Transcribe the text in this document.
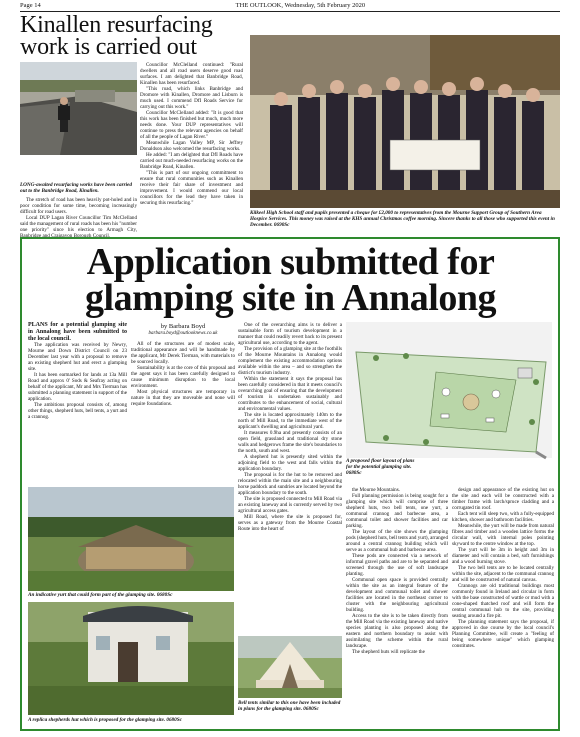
Page 14	THE OUTLOOK, Wednesday, 5th February 2020
Kinallen resurfacing work is carried out
LONG-awaited resurfacing works have been carried out to the Banbridge Road, Kinallen.

The stretch of road has been heavily pot-holed and in poor condition for some time, becoming increasingly difficult for road users.

Local DUP Lagan River Councillor Tim McClelland said the management of rural roads has been his "number one priority" since his election to Armagh City, Banbridge and Craigavon Borough Council.

Councillor McClelland continued: "Rural dwellers and all road users deserve good road surfaces. I am delighted that Banbridge Road, Kinallen has been resurfaced.

"This road, which links Banbridge and Dromore with Kinallen, Dromore and Lisburn is much used. I commend DfI Roads Service for carrying out this work."

Councillor McClelland added: "It is good that this work has been finished but much, much more needs done. Your DUP representatives will continue to press the relevant agencies on behalf of all the people of Lagan River."

Meanwhile Lagan Valley MP, Sir Jeffrey Donaldson also welcomed the resurfacing works.

He added: "I am delighted that DfI Roads have carried out much-needed resurfacing works on the Banbridge Road, Kinallen.

"This is part of our ongoing commitment to ensure that rural communities such as Kinallen receive their fair share of investment and improvement. I would commend our local councillors for the lead they have taken in securing this resurfacing."

Kilkeel High School staff and pupils presented a cheque for £2,000 to representatives from the Mourne Support Group of Southern Area Hospice Services. This money was raised at the KHS annual Christmas coffee morning. Sincere thanks to all those who supported this event in December. 0690Sc
Application submitted for glamping site in Annalong

PLANS for a potential glamping site in Annalong have been submitted to the local council.

The application was received by Newry, Mourne and Down District Council on 23 December last year with a proposal to remove an existing shepherd hut and erect a glamping site.

It has been earmarked for lands at 13a Mill Road and approx 0' Sods & Seafray acting on behalf of the applicant, Mr and Mrs Tierman has submitted a planning statement in support of the application.

The ambitious proposal consists of, among other things, shepherd huts, bell tents, a yurt and a crannog.

by Barbara Boyd
barbara.boyd@outlooknews.co.uk

All of the structures are of modest scale, traditional appearance and will be handmade by the applicant, Mr Derek Tierman, with materials to be sourced locally.

Sustainability is at the core of this proposal and the agent says it has been carefully designed to cause minimum disruption to the local environment.

Most physical structures are temporary in nature in that they are moveable and none will require foundations.

An indicative yurt that could form part of the glamping site. 0680Sc
A replica shepherds hut which is proposed for the glamping site. 0680Sc

One of the overarching aims is to deliver a sustainable form of tourism development in a manner that could readily revert back to its present agricultural use, according to the agent.

The provision of a glamping site at the foothills of the Mourne Mountains in Annalong would complement the existing accommodation options available within the area – and so strengthen the district's tourism industry.

Within the statement it says the proposal has been carefully considered in that it meets council's overarching goal of ensuring that the development of tourism is undertaken sustainably and contributes to the enhancement of social, cultural and environmental values.

The site is located approximately 140m to the north of Mill Road, to the immediate west of the applicant's dwelling and agricultural yard.

It measures 0.9ha and presently consists of an open field, grassland and traditional dry stone walls and hedgerows frame the site's boundaries to the north, south and west.

A shepherd hut is presently sited within the adjoining field to the west and falls within the application boundary.

The proposal is for the hut to be removed and relocated within the main site and a neighbouring horse paddock and sundries are located beyond the application boundary to the south.

The site is proposed connected to Mill Road via an existing laneway and is currently served by two agricultural access gates.

Mill Road, where the site is proposed for, serves as a gateway from the Mourne Coastal Route into the heart of

Bell tents similar to this one have been included in plans for the glamping site. 0680Sc
A proposed floor layout of plans for the potential glamping site. 0680Sc

the Mourne Mountains.

Full planning permission is being sought for a glamping site which will comprise of three shepherd huts, two bell tents, one yurt, a communal crannog and barbecue area, a communal toilet and shower facilities and car parking.

The layout of the site shows the glamping pods (shepherd huts, bell tents and yurt), arranged around a central crannog building which will serve as a communal hub and barbecue area.

These pods are connected via a network of informal gravel paths and are to be separated and screened through the use of soft landscape planting.

Communal open space is provided centrally within the site as an integral feature of the development and communal toilet and shower facilities are located in the northeast corner to cluster with the neighbouring agricultural building.

Access to the site is to be taken directly from the Mill Road via the existing laneway and native species planting is also proposed along the eastern and northern boundary to assist with assimilating the scheme within the rural landscape.

The shepherd huts will replicate the

design and appearance of the existing hut on the site and each will be constructed with a timber frame with larch/spruce cladding and a corrugated tin roof.

Each tent will sleep two, with a fully-equipped kitchen, shower and bathroom facilities.

Meanwhile, the yurt will be made from natural fibres and timber and a wooden lattice forms the circular wall, with internal poles pointing skyward to the centre window at the top.

The yurt will be 3m in height and 3m in diameter and will contain a bed, soft furnishings and a wood burning stove.

The two bell tents are to be located centrally within the site, adjacent to the communal crannog and will be constructed of natural canvas.

Crannogs are old traditional buildings most commonly found in Ireland and circular in form with the base constructed of wattle or mud with a cone-shaped thatched roof and will form the central communal hub to the site, providing seating around a fire pit.

The planning statement says the proposal, if approved in due course by the local council's Planning Committee, will create a "feeling of being somewhere unique" which glamping constitutes.
